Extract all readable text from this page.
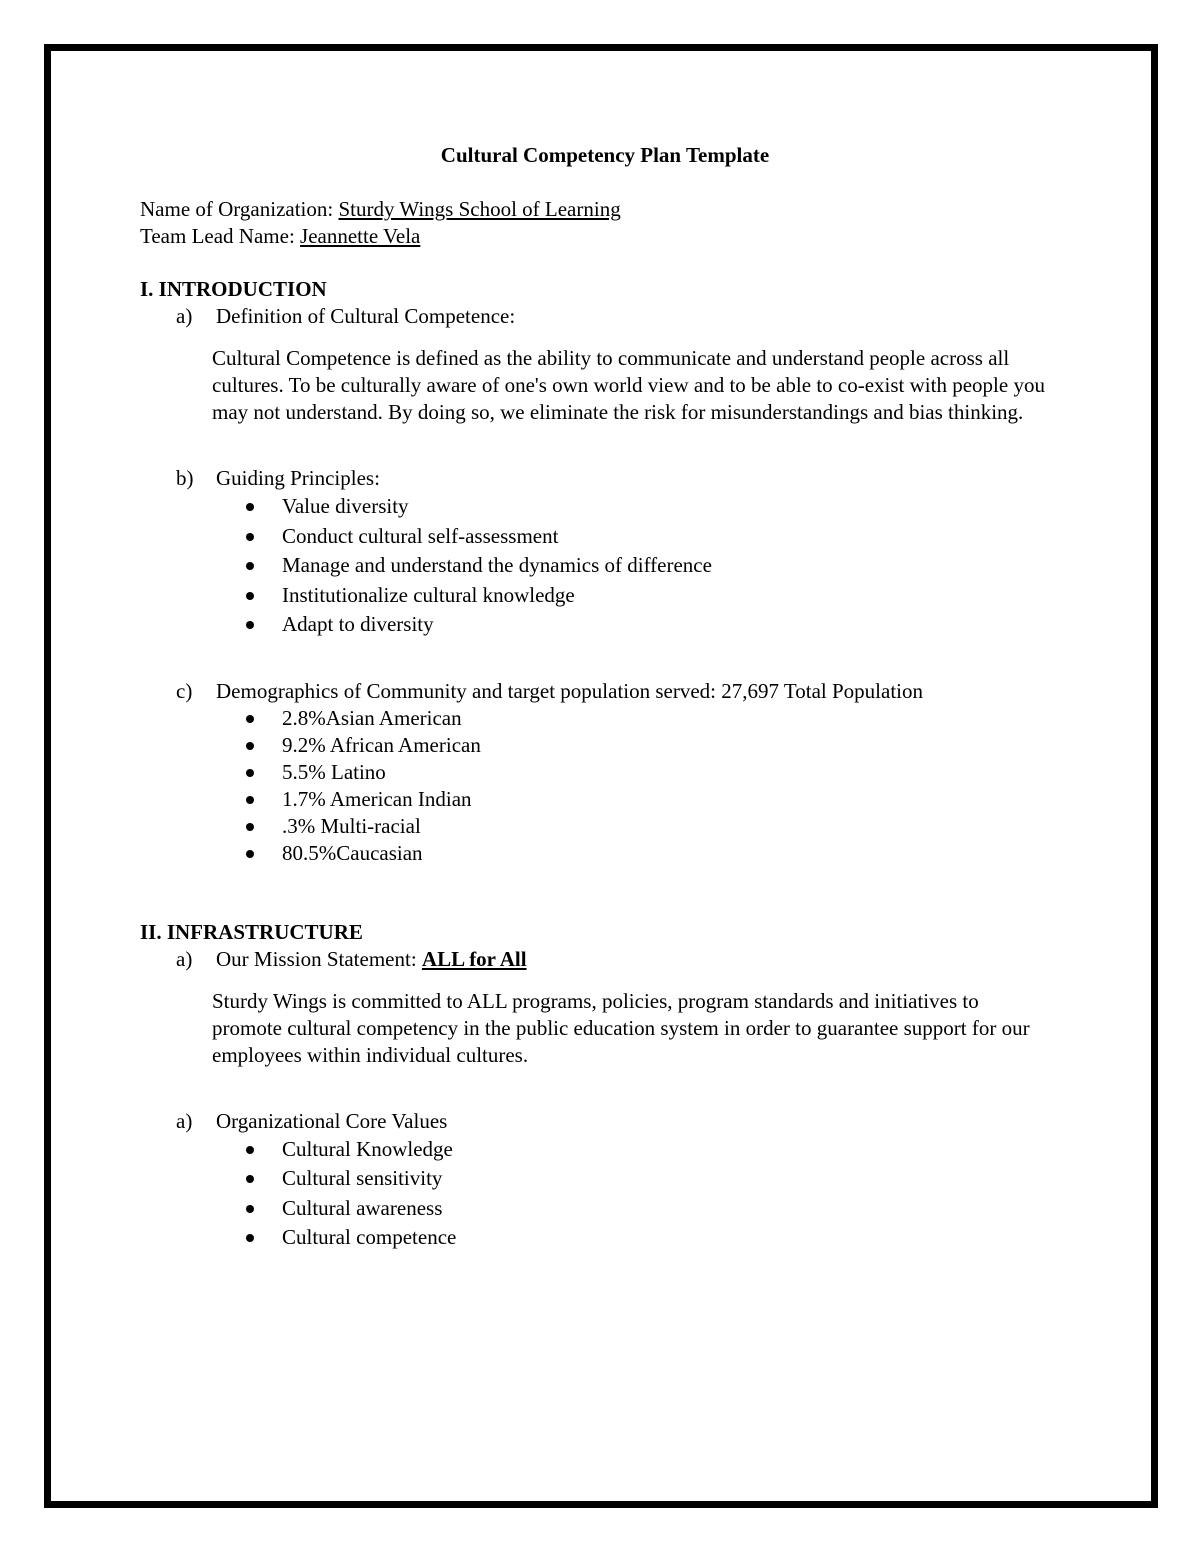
Cultural Competency Plan Template
Name of Organization: Sturdy Wings School of Learning
Team Lead Name: Jeannette Vela
I. INTRODUCTION
a)	Definition of Cultural Competence:
Cultural Competence is defined as the ability to communicate and understand people across all cultures. To be culturally aware of one's own world view and to be able to co-exist with people you may not understand. By doing so, we eliminate the risk for misunderstandings and bias thinking.
b)	Guiding Principles:
Value diversity
Conduct cultural self-assessment
Manage and understand the dynamics of difference
Institutionalize cultural knowledge
Adapt to diversity
c)	Demographics of Community and target population served: 27,697 Total Population
2.8%Asian American
9.2% African American
5.5% Latino
1.7% American Indian
.3% Multi-racial
80.5%Caucasian
II. INFRASTRUCTURE
a)	Our Mission Statement: ALL for All
Sturdy Wings is committed to ALL programs, policies, program standards and initiatives to promote cultural competency in the public education system in order to guarantee support for our employees within individual cultures.
a)	Organizational Core Values
Cultural Knowledge
Cultural sensitivity
Cultural awareness
Cultural competence
